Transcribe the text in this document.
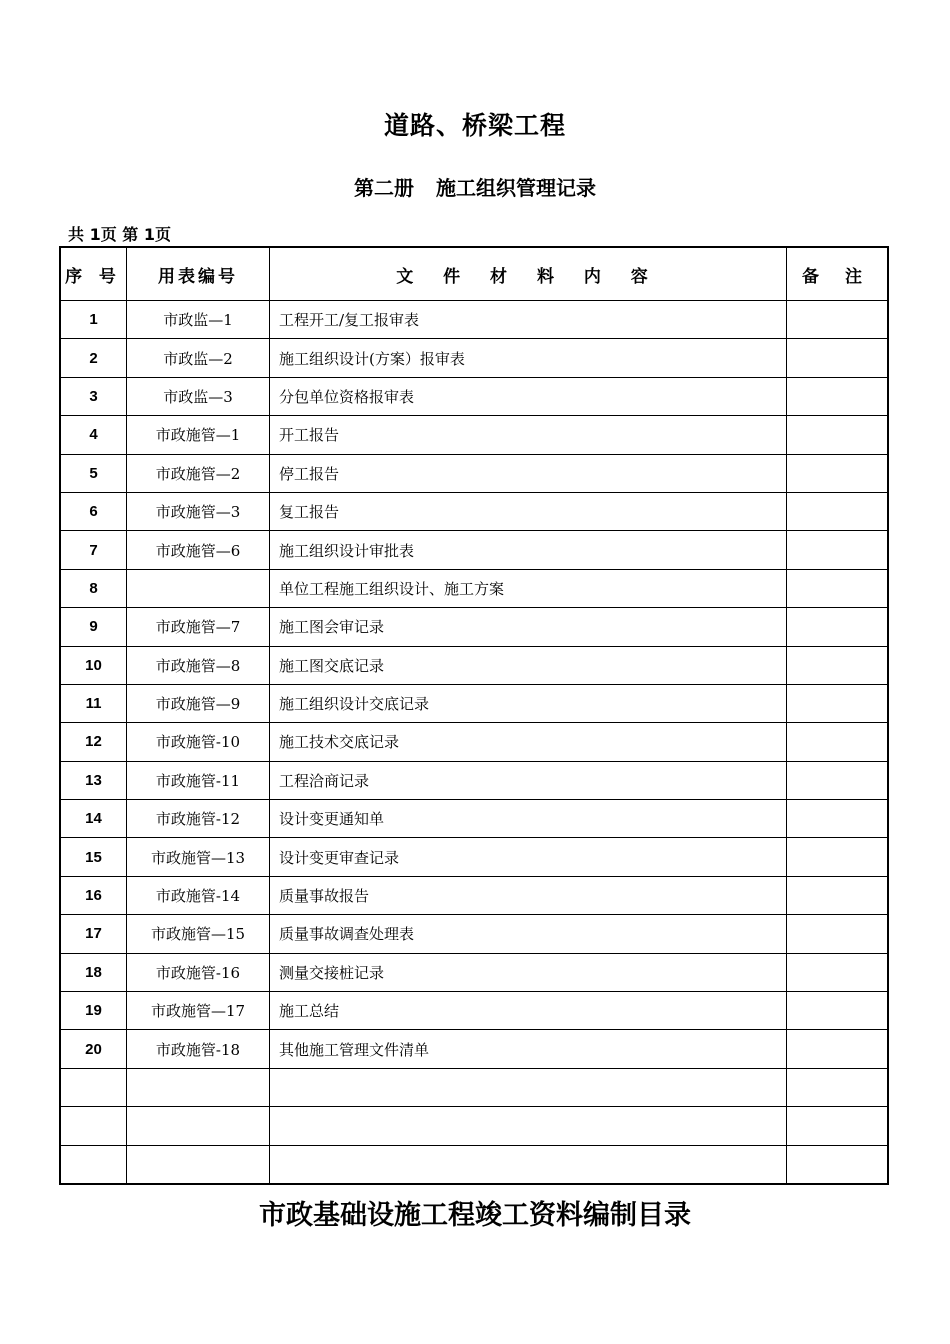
道路、桥梁工程
第二册 施工组织管理记录
共 1页 第 1页
序 号	用表编号	文 件 材 料 内 容	备 注
1	市政监—1	工程开工/复工报审表	
2	市政监—2	施工组织设计(方案）报审表	
3	市政监—3	分包单位资格报审表	
4	市政施管—1	开工报告	
5	市政施管—2	停工报告	
6	市政施管—3	复工报告	
7	市政施管—6	施工组织设计审批表	
8		单位工程施工组织设计、施工方案	
9	市政施管—7	施工图会审记录	
10	市政施管—8	施工图交底记录	
11	市政施管—9	施工组织设计交底记录	
12	市政施管-10	施工技术交底记录	
13	市政施管-11	工程洽商记录	
14	市政施管-12	设计变更通知单	
15	市政施管—13	设计变更审查记录	
16	市政施管-14	质量事故报告	
17	市政施管—15	质量事故调查处理表	
18	市政施管-16	测量交接桩记录	
19	市政施管—17	施工总结	
20	市政施管-18	其他施工管理文件清单	

市政基础设施工程竣工资料编制目录
